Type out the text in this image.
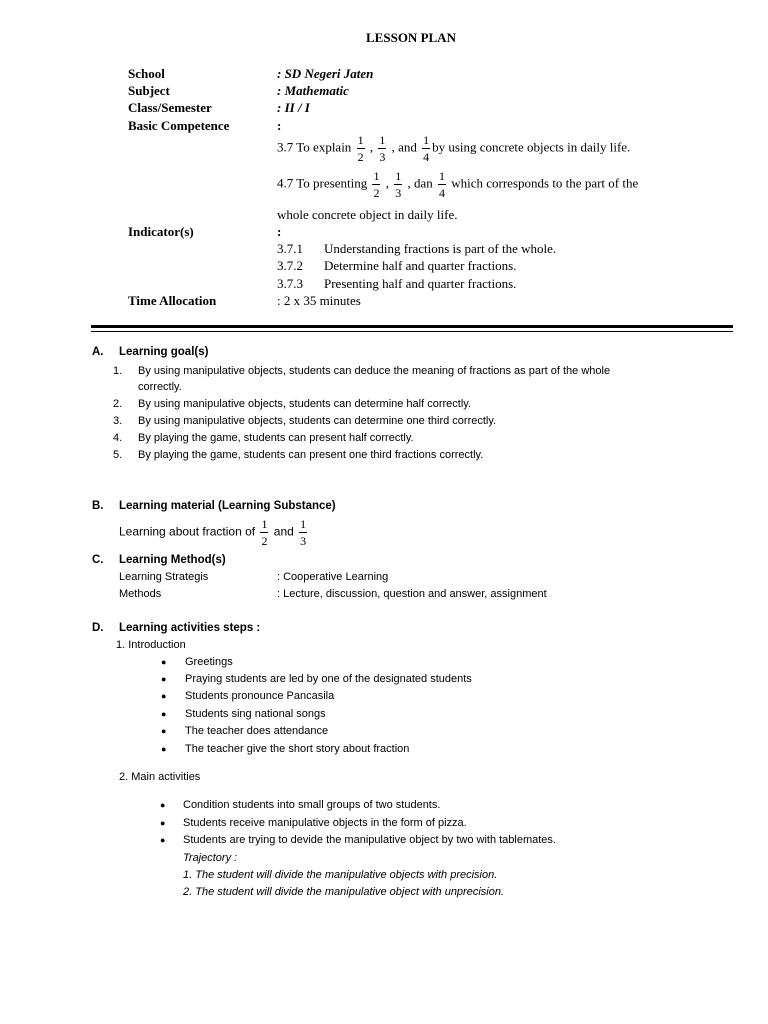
LESSON PLAN
School	: SD Negeri Jaten
Subject	: Mathematic
Class/Semester	: II / I
Basic Competence	:
3.7 To explain $\frac{1}{2}$ , $\frac{1}{3}$ , and $\frac{1}{4}$ by using concrete objects in daily life.
4.7 To presenting $\frac{1}{2}$ , $\frac{1}{3}$ , dan $\frac{1}{4}$ which corresponds to the part of the
whole concrete object in daily life.
Indicator(s)	:
3.7.1 Understanding fractions is part of the whole.
3.7.2 Determine half and quarter fractions.
3.7.3 Presenting half and quarter fractions.
Time Allocation	: 2 x 35 minutes
A. Learning goal(s)
1. By using manipulative objects, students can deduce the meaning of fractions as part of the whole
correctly.
2. By using manipulative objects, students can determine half correctly.
3. By using manipulative objects, students can determine one third correctly.
4. By playing the game, students can present half correctly.
5. By playing the game, students can present one third fractions correctly.
B. Learning material (Learning Substance)
Learning about fraction of $\frac{1}{2}$ and $\frac{1}{3}$
C. Learning Method(s)
Learning Strategis	: Cooperative Learning
Methods	: Lecture, discussion, question and answer, assignment
D. Learning activities steps :
1. Introduction
● Greetings
● Praying students are led by one of the designated students
● Students pronounce Pancasila
● Students sing national songs
● The teacher does attendance
● The teacher give the short story about fraction
2. Main activities
● Condition students into small groups of two students.
● Students receive manipulative objects in the form of pizza.
● Students are trying to devide the manipulative object by two with tablemates.
Trajectory :
1. The student will divide the manipulative objects with precision.
2. The student will divide the manipulative object with unprecision.
